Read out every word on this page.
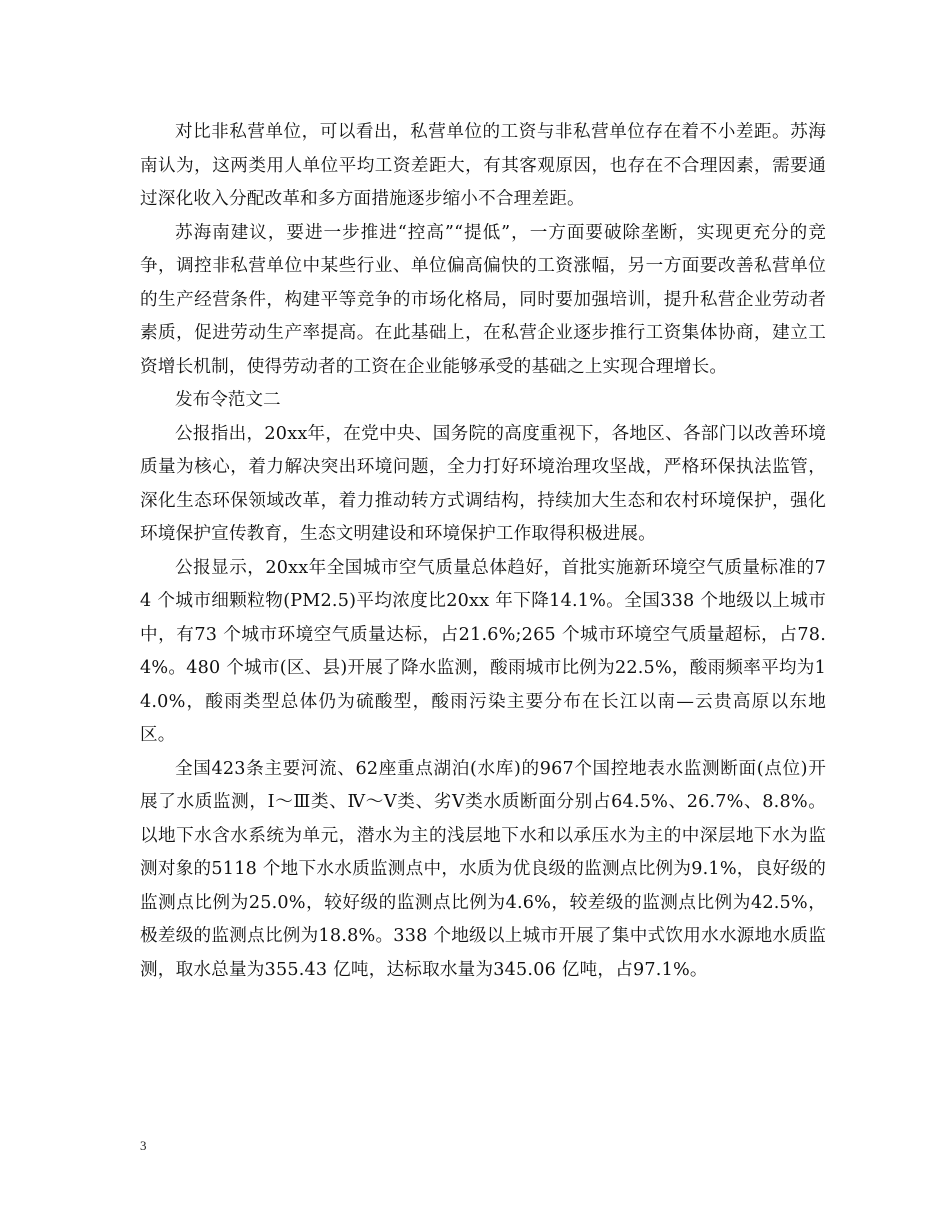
对比非私营单位，可以看出，私营单位的工资与非私营单位存在着不小差距。苏海南认为，这两类用人单位平均工资差距大，有其客观原因，也存在不合理因素，需要通过深化收入分配改革和多方面措施逐步缩小不合理差距。

苏海南建议，要进一步推进“控高”“提低”，一方面要破除垄断，实现更充分的竞争，调控非私营单位中某些行业、单位偏高偏快的工资涨幅，另一方面要改善私营单位的生产经营条件，构建平等竞争的市场化格局，同时要加强培训，提升私营企业劳动者素质，促进劳动生产率提高。在此基础上，在私营企业逐步推行工资集体协商，建立工资增长机制，使得劳动者的工资在企业能够承受的基础之上实现合理增长。

发布令范文二

公报指出，20xx年，在党中央、国务院的高度重视下，各地区、各部门以改善环境质量为核心，着力解决突出环境问题，全力打好环境治理攻坚战，严格环保执法监管，深化生态环保领域改革，着力推动转方式调结构，持续加大生态和农村环境保护，强化环境保护宣传教育，生态文明建设和环境保护工作取得积极进展。

公报显示，20xx年全国城市空气质量总体趋好，首批实施新环境空气质量标准的74 个城市细颗粒物(PM2.5)平均浓度比20xx 年下降14.1%。全国338 个地级以上城市中，有73 个城市环境空气质量达标，占21.6%;265 个城市环境空气质量超标，占78.4%。480 个城市(区、县)开展了降水监测，酸雨城市比例为22.5%，酸雨频率平均为14.0%，酸雨类型总体仍为硫酸型，酸雨污染主要分布在长江以南—云贵高原以东地区。

全国423条主要河流、62座重点湖泊(水库)的967个国控地表水监测断面(点位)开展了水质监测，Ⅰ～Ⅲ类、Ⅳ～Ⅴ类、劣Ⅴ类水质断面分别占64.5%、26.7%、8.8%。以地下水含水系统为单元，潜水为主的浅层地下水和以承压水为主的中深层地下水为监测对象的5118 个地下水水质监测点中，水质为优良级的监测点比例为9.1%，良好级的监测点比例为25.0%，较好级的监测点比例为4.6%，较差级的监测点比例为42.5%，极差级的监测点比例为18.8%。338 个地级以上城市开展了集中式饮用水水源地水质监测，取水总量为355.43 亿吨，达标取水量为345.06 亿吨，占97.1%。

3
